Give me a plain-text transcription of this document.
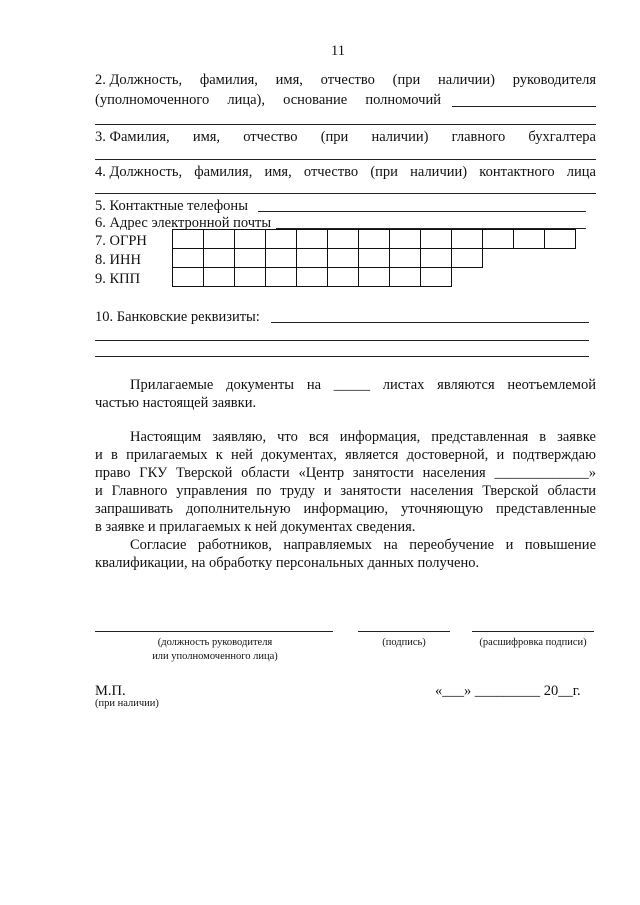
11
2. Должность, фамилия, имя, отчество (при наличии) руководителя
(уполномоченного лица), основание полномочий
3. Фамилия, имя, отчество (при наличии) главного бухгалтера
4. Должность, фамилия, имя, отчество (при наличии) контактного лица
5. Контактные телефоны
6. Адрес электронной почты
7. ОГРН
8. ИНН
9. КПП
10. Банковские реквизиты:
Прилагаемые документы на _____ листах являются неотъемлемой
частью настоящей заявки.
Настоящим заявляю, что вся информация, представленная в заявке
и в прилагаемых к ней документах, является достоверной, и подтверждаю
право ГКУ Тверской области «Центр занятости населения _____________»
и Главного управления по труду и занятости населения Тверской области
запрашивать дополнительную информацию, уточняющую представленные
в заявке и прилагаемых к ней документах сведения.
Согласие работников, направляемых на переобучение и повышение
квалификации, на обработку персональных данных получено.
(должность руководителя
или уполномоченного лица)
(подпись)	(расшифровка подписи)
М.П.
(при наличии)
«___» _________ 20__г.
